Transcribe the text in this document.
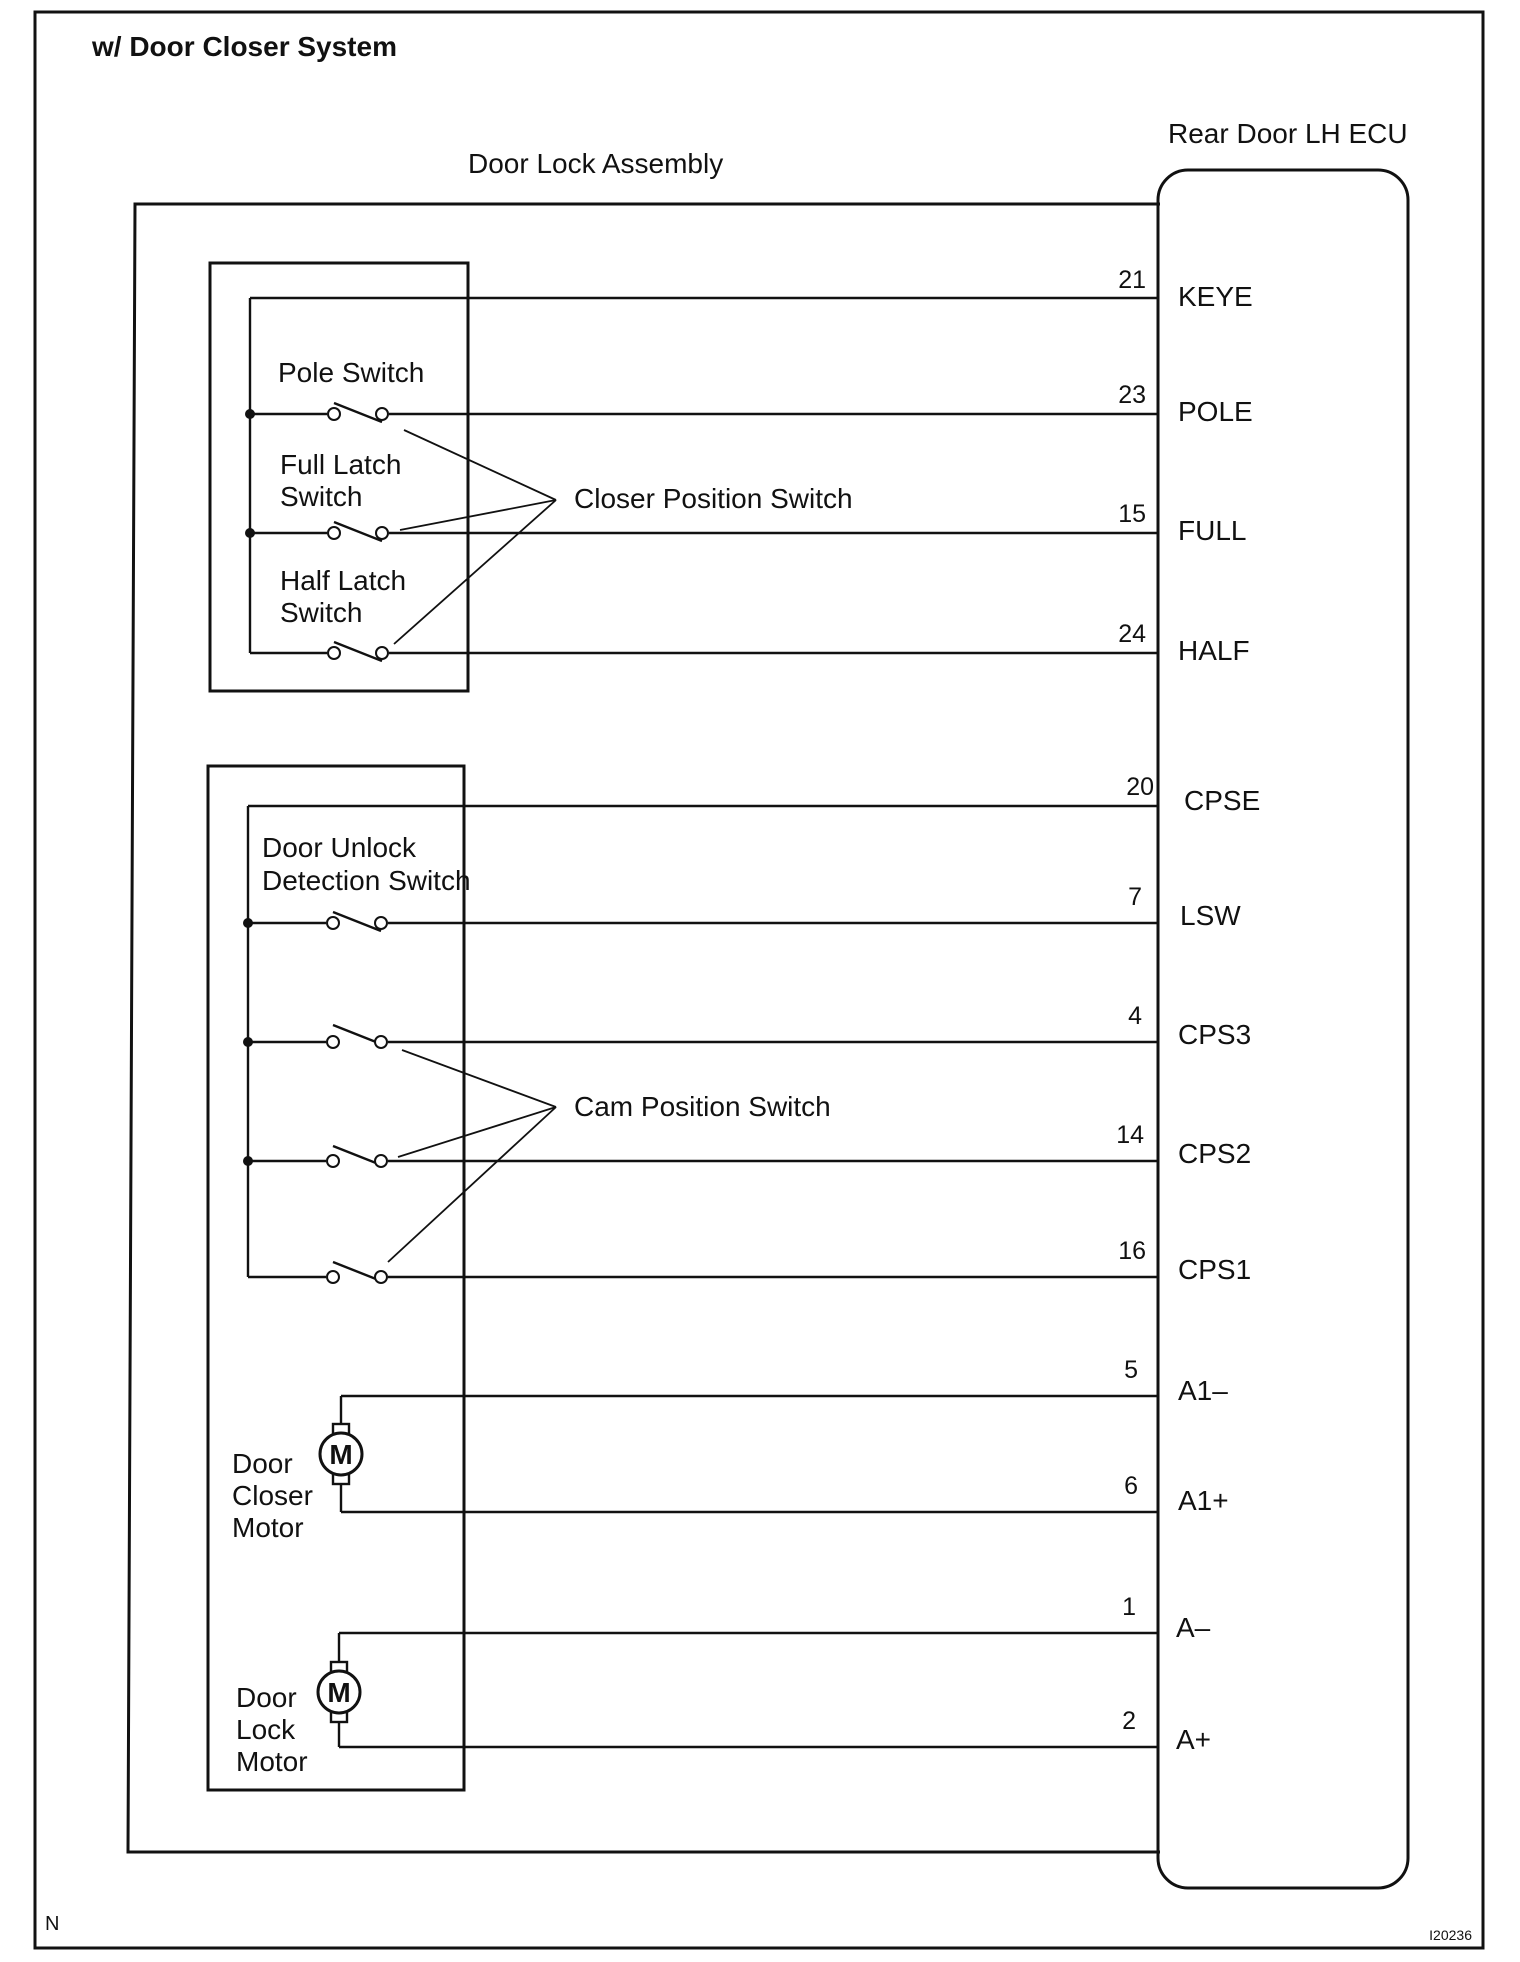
w/ Door Closer System
Door Lock Assembly
Rear Door LH ECU
Pole Switch
Full Latch
Switch
Half Latch
Switch
Closer Position Switch
Door Unlock
Detection Switch
Cam Position Switch
M
Door
Closer
Motor
M
Door
Lock
Motor
21
KEYE
23
POLE
15
FULL
24
HALF
20 CPSE
7
LSW
4
CPS3
14
CPS2
16
CPS1
5
A1–
6 A1+
1
A–
2
A+
N	I20236
